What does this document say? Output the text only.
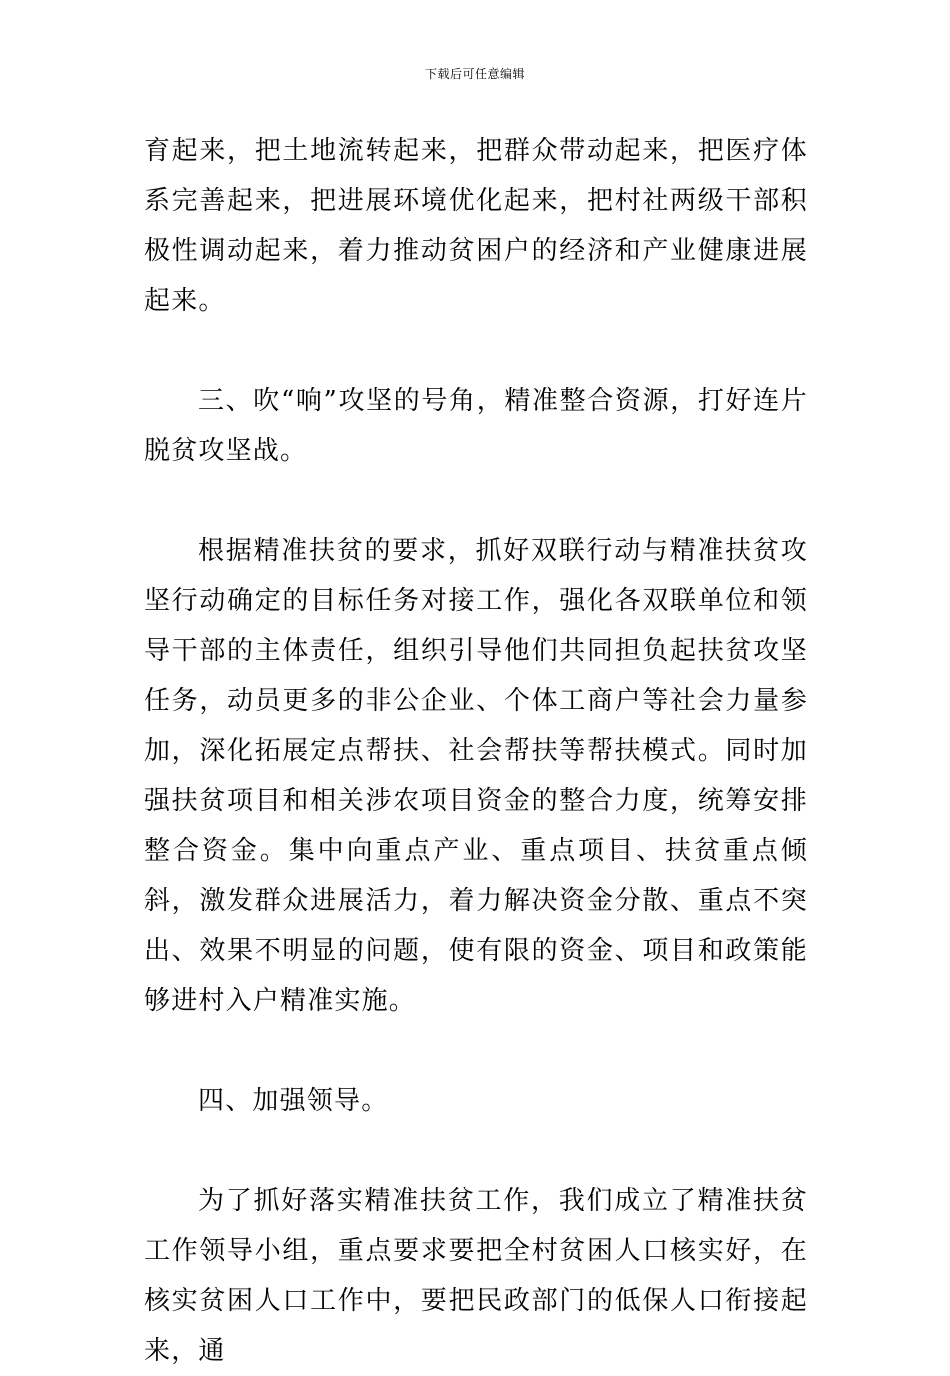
下载后可任意编辑

育起来，把土地流转起来，把群众带动起来，把医疗体系完善起来，把进展环境优化起来，把村社两级干部积极性调动起来，着力推动贫困户的经济和产业健康进展起来。

三、吹“响”攻坚的号角，精准整合资源，打好连片脱贫攻坚战。

根据精准扶贫的要求，抓好双联行动与精准扶贫攻坚行动确定的目标任务对接工作，强化各双联单位和领导干部的主体责任，组织引导他们共同担负起扶贫攻坚任务，动员更多的非公企业、个体工商户等社会力量参加，深化拓展定点帮扶、社会帮扶等帮扶模式。同时加强扶贫项目和相关涉农项目资金的整合力度，统筹安排整合资金。集中向重点产业、重点项目、扶贫重点倾斜，激发群众进展活力，着力解决资金分散、重点不突出、效果不明显的问题，使有限的资金、项目和政策能够进村入户精准实施。

四、加强领导。

为了抓好落实精准扶贫工作，我们成立了精准扶贫工作领导小组，重点要求要把全村贫困人口核实好，在核实贫困人口工作中，要把民政部门的低保人口衔接起来，通
